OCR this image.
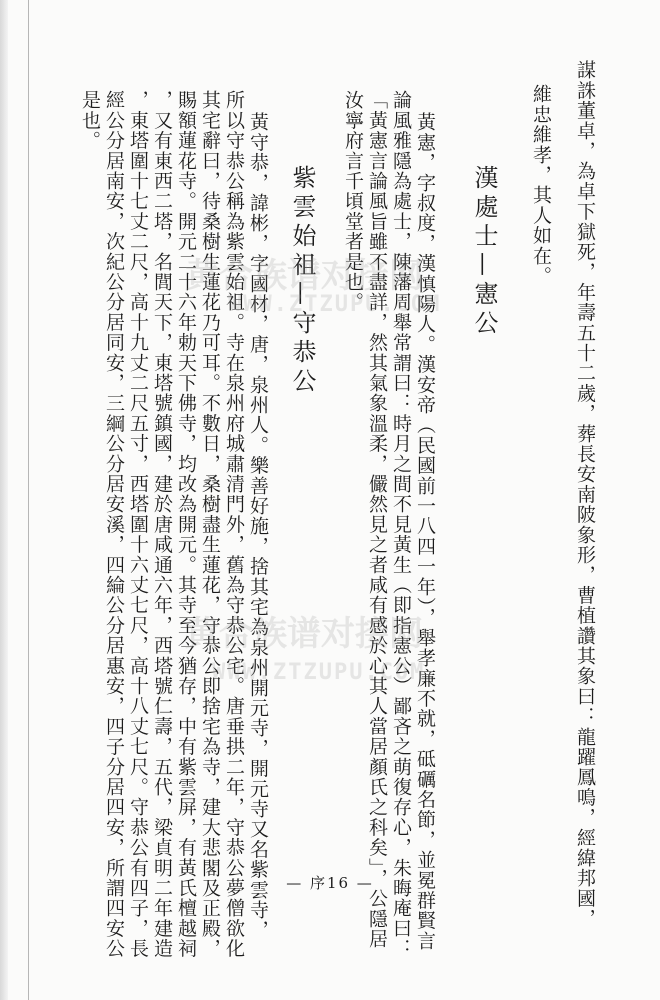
謀誅董卓，為卓下獄死，年壽五十二歲，葬長安南陂象形，曹植讚其象曰：龍躍鳳鳴，經緯邦國，
維忠維孝，其人如在。
漢處士—憲公
黃憲，字叔度，漢慎陽人。漢安帝（民國前一八四一年），舉孝廉不就，砥礪名節，並冕群賢言
論風雅隱為處士，陳藩周舉常謂曰：時月之間不見黃生（即指憲公）鄙吝之萌復存心，朱晦庵曰：
「黃憲言論風旨雖不盡詳，然其氣象溫柔，儼然見之者咸有感於心其人當居顏氏之科矣」，公隱居
汝寧府言千頃堂者是也。
紫雲始祖—守恭公
黃守恭，諱彬，字國材，唐，泉州人。樂善好施，捨其宅為泉州開元寺，開元寺又名紫雲寺，
所以守恭公稱為紫雲始祖。寺在泉州府城肅清門外，舊為守恭公宅。唐垂拱二年，守恭公夢僧欲化
其宅辭曰，待桑樹生蓮花乃可耳。不數日，桑樹盡生蓮花，守恭公即捨宅為寺，建大悲閣及正殿，
賜額蓮花寺。開元二十六年勅天下佛寺，均改為開元。其寺至今猶存，中有紫雲屏，有黃氏檀越祠
，又有東西二塔，名閭天下，東塔號鎮國，建於唐咸通六年，西塔號仁壽，五代，梁貞明二年建造
，東塔圍十七丈二尺，高十九丈二尺五寸，西塔圍十六丈七尺，高十八丈七尺。守恭公有四子，長
經公分居南安，次紀公分居同安，三綱公分居安溪，四綸公分居惠安，四子分居四安，所謂四安公
是也。
黄合族谱对接网
WWW.ZTZUPU.COM
黄合族谱对接网
WWW.ZTZUPU.COM
— 序16 —
